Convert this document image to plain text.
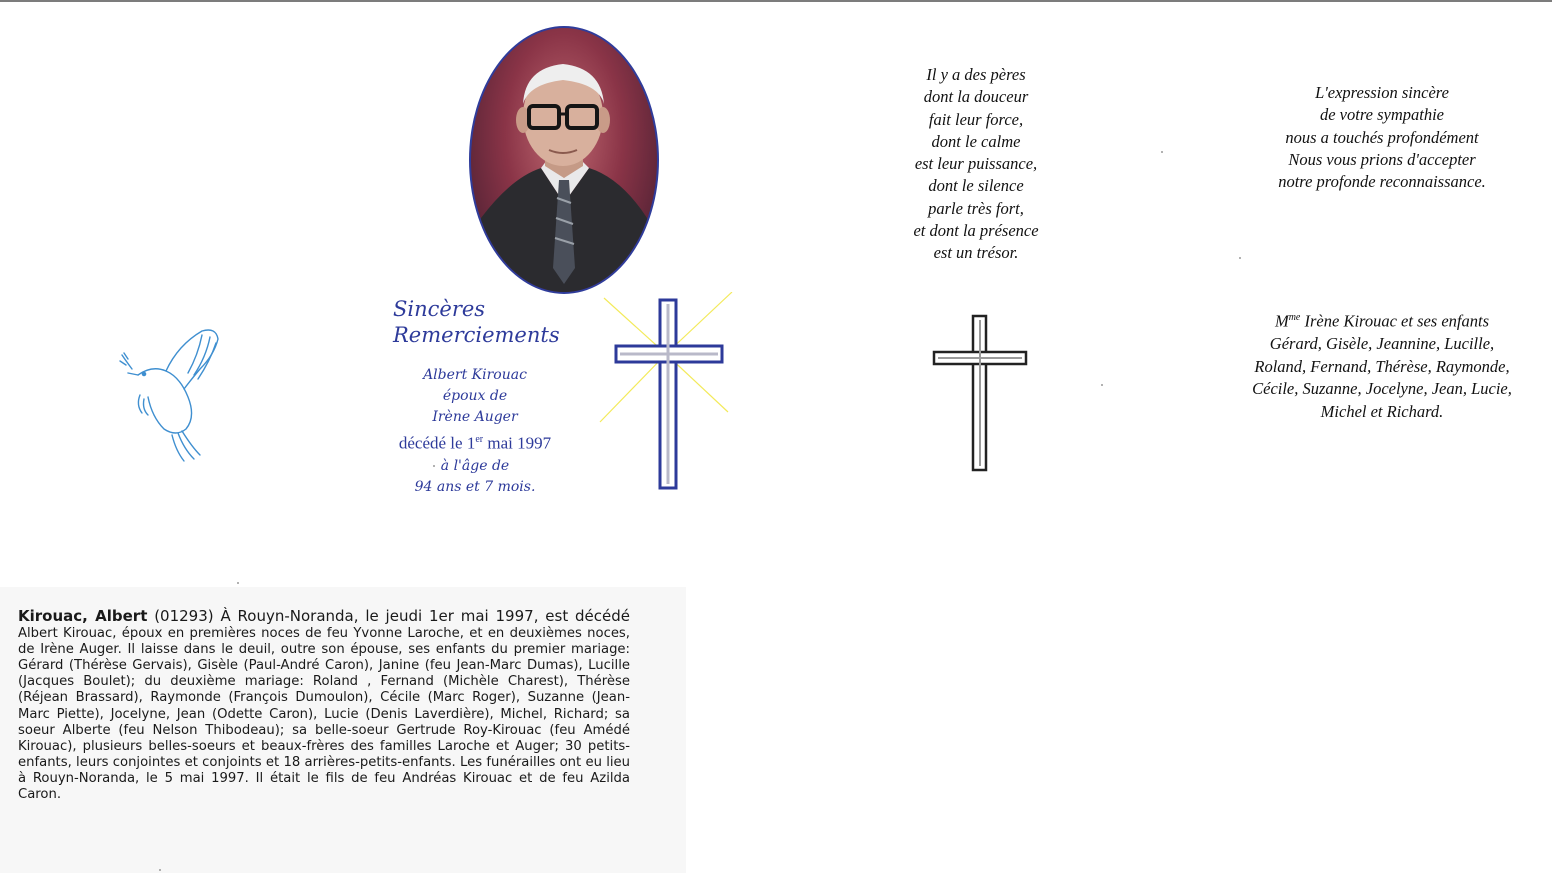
Sincères
Remerciements
Albert Kirouac
époux de
Irène Auger
décédé le 1er mai 1997
à l'âge de
94 ans et 7 mois.
Il y a des pères
dont la douceur
fait leur force,
dont le calme
est leur puissance,
dont le silence
parle très fort,
et dont la présence
est un trésor.
L'expression sincère
de votre sympathie
nous a touchés profondément
Nous vous prions d'accepter
notre profonde reconnaissance.
$M^{me}$ Irène Kirouac et ses enfants
Gérard, Gisèle, Jeannine, Lucille,
Roland, Fernand, Thérèse, Raymonde,
Cécile, Suzanne, Jocelyne, Jean, Lucie,
Michel et Richard.
Kirouac, Albert (01293) À Rouyn-Noranda, le jeudi 1er mai 1997, est décédé Albert Kirouac, époux en premières noces de feu Yvonne Laroche, et en deuxièmes noces, de Irène Auger. Il laisse dans le deuil, outre son épouse, ses enfants du premier mariage: Gérard (Thérèse Gervais), Gisèle (Paul-André Caron), Janine (feu Jean-Marc Dumas), Lucille (Jacques Boulet); du deuxième mariage: Roland , Fernand (Michèle Charest), Thérèse (Réjean Brassard), Raymonde (François Dumoulon), Cécile (Marc Roger), Suzanne (Jean-Marc Piette), Jocelyne, Jean (Odette Caron), Lucie (Denis Laverdière), Michel, Richard; sa soeur Alberte (feu Nelson Thibodeau); sa belle-soeur Gertrude Roy-Kirouac (feu Amédé Kirouac), plusieurs belles-soeurs et beaux-frères des familles Laroche et Auger; 30 petits-enfants, leurs conjointes et conjoints et 18 arrières-petits-enfants. Les funérailles ont eu lieu à Rouyn-Noranda, le 5 mai 1997. Il était le fils de feu Andréas Kirouac et de feu Azilda Caron.
